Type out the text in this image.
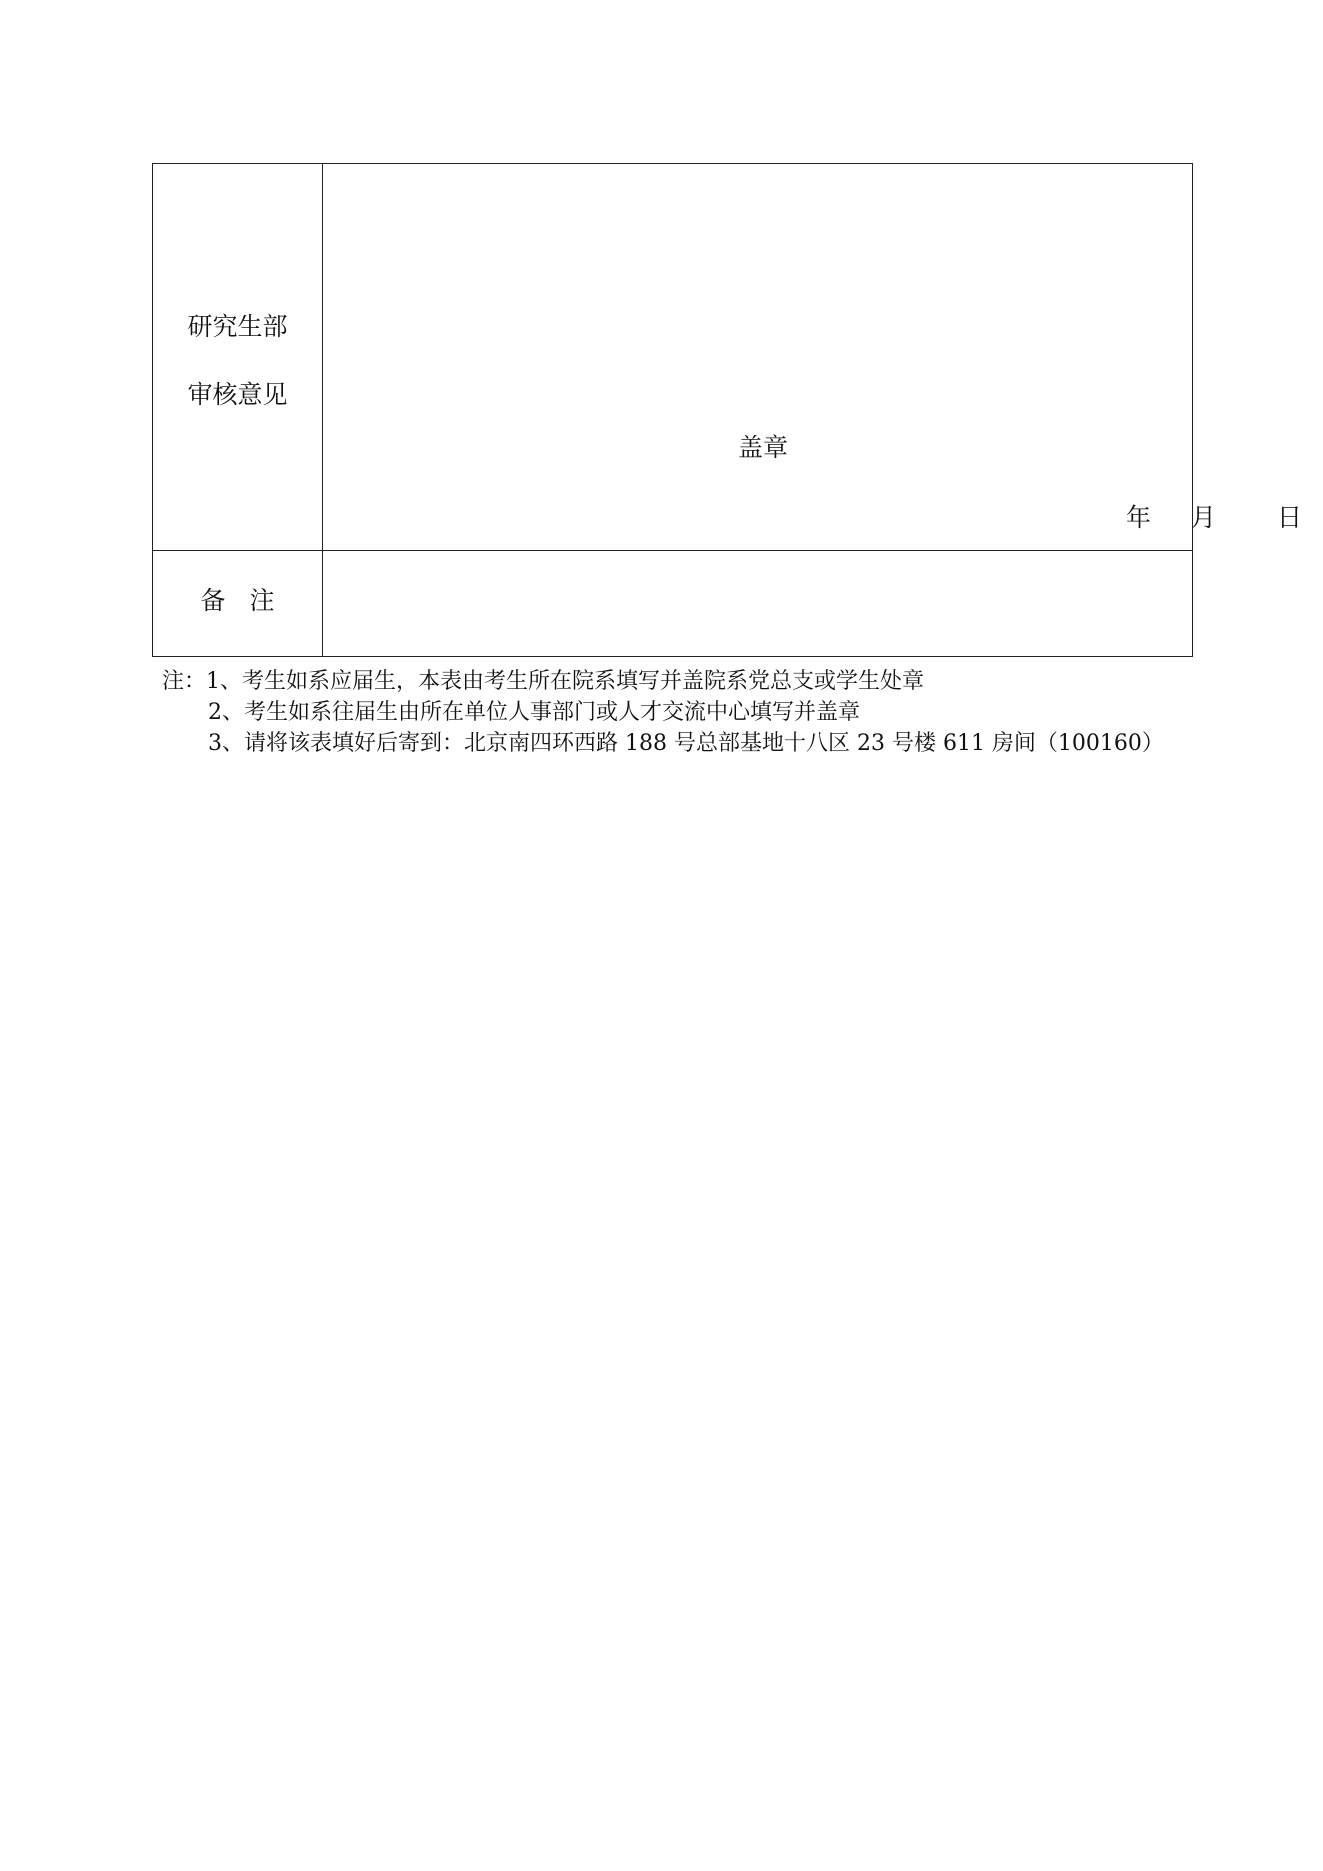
研究生部
审核意见
盖章
年 月 日
备注
注：1、考生如系应届生，本表由考生所在院系填写并盖院系党总支或学生处章
2、考生如系往届生由所在单位人事部门或人才交流中心填写并盖章
3、请将该表填好后寄到：北京南四环西路 188 号总部基地十八区 23 号楼 611 房间（100160）
